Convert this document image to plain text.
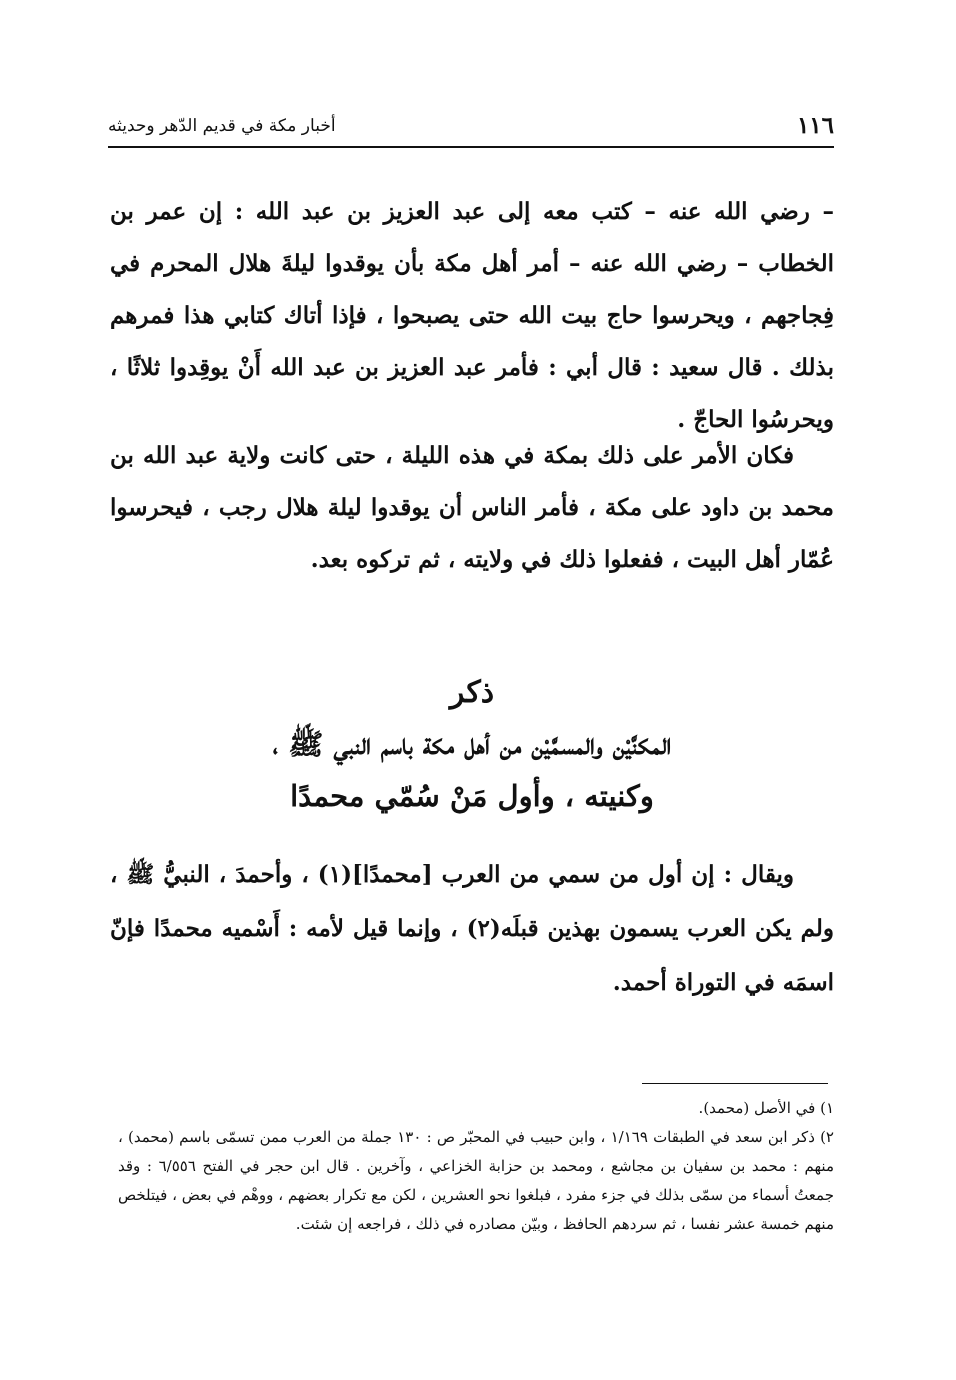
١١٦
أخبار مكة في قديم الدّهر وحديثه

– رضي الله عنه – كتب معه إلى عبد العزيز بن عبد الله : إن عمر بن الخطاب – رضي الله عنه – أمر أهل مكة بأن يوقدوا ليلةَ هلال المحرم في فِجاجهم ، ويحرسوا حاج بيت الله حتى يصبحوا ، فإذا أتاك كتابي هذا فمرهم بذلك . قال سعيد : قال أبي : فأمر عبد العزيز بن عبد الله أَنْ يوقِدوا ثلاثًا ، ويحرسُوا الحاجّ .

فكان الأمر على ذلك بمكة في هذه الليلة ، حتى كانت ولاية عبد الله بن محمد بن داود على مكة ، فأمر الناس أن يوقدوا ليلة هلال رجب ، فيحرسوا عُمّار أهل البيت ، ففعلوا ذلك في ولايته ، ثم تركوه بعد.

ذكر
المكنَّيْن والمسمَّيْن من أهل مكة باسم النبي ﷺ ،
وكنيته ، وأول مَنْ سُمّي محمدًا

ويقال : إن أول من سمي من العرب [محمدًا](١) ، وأحمدَ ، النبيُّ ﷺ ، ولم يكن العرب يسمون بهذين قبلَه(٢) ، وإنما قيل لأمه : أَسْميه محمدًا فإنّ اسمَه في التوراة أحمد.

١) في الأصل (محمد).
٢) ذكر ابن سعد في الطبقات ١/١٦٩ ، وابن حبيب في المحبّر ص : ١٣٠ جملة من العرب ممن تسمّى باسم (محمد) ، منهم : محمد بن سفيان بن مجاشع ، ومحمد بن حزابة الخزاعي ، وآخرين . قال ابن حجر في الفتح ٦/٥٥٦ : وقد جمعتُ أسماء من سمّى بذلك في جزء مفرد ، فبلغوا نحو العشرين ، لكن مع تكرار بعضهم ، ووهْم في بعض ، فيتلخص منهم خمسة عشر نفسا ، ثم سردهم الحافظ ، وبيّن مصادره في ذلك ، فراجعه إن شئت.
